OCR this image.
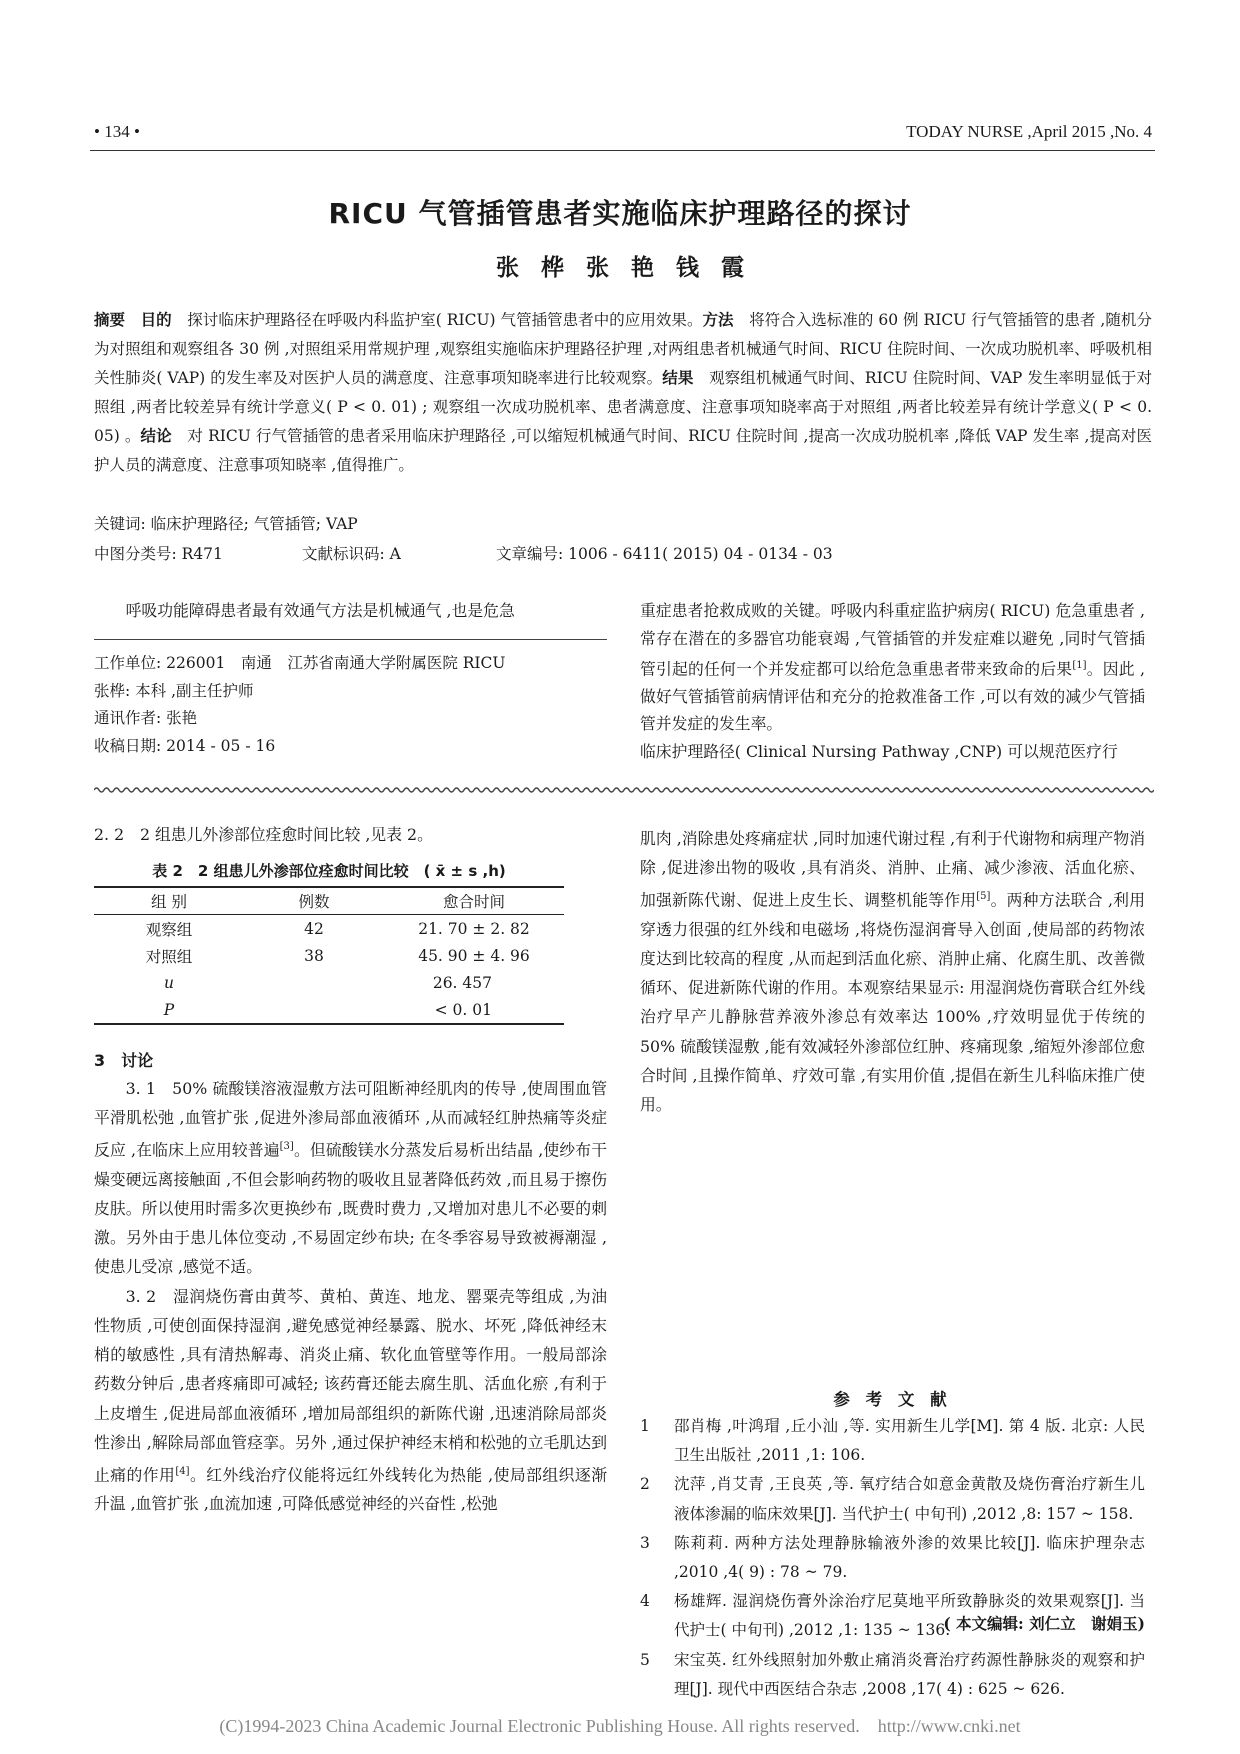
• 134 •	TODAY NURSE ,April 2015 ,No. 4
RICU 气管插管患者实施临床护理路径的探讨
张 桦 张 艳 钱 霞
摘要　 目的　 探讨临床护理路径在呼吸内科监护室( RICU) 气管插管患者中的应用效果。方法　 将符合入选标准的 60 例 RICU 行气管插管的患者 ,随机分为对照组和观察组各 30 例 ,对照组采用常规护理 ,观察组实施临床护理路径护理 ,对两组患者机械通气时间、RICU 住院时间、一次成功脱机率、呼吸机相关性肺炎( VAP) 的发生率及对医护人员的满意度、注意事项知晓率进行比较观察。结果　 观察组机械通气时间、RICU 住院时间、VAP 发生率明显低于对照组 ,两者比较差异有统计学意义( P < 0. 01) ; 观察组一次成功脱机率、患者满意度、注意事项知晓率高于对照组 ,两者比较差异有统计学意义( P < 0. 05) 。结论　 对 RICU 行气管插管的患者采用临床护理路径 ,可以缩短机械通气时间、RICU 住院时间 ,提高一次成功脱机率 ,降低 VAP 发生率 ,提高对医护人员的满意度、注意事项知晓率 ,值得推广。
关键词: 临床护理路径; 气管插管; VAP
中图分类号: R471	文献标识码: A	文章编号: 1006 - 6411( 2015) 04 - 0134 - 03
呼吸功能障碍患者最有效通气方法是机械通气 ,也是危急
工作单位: 226001　南通　江苏省南通大学附属医院 RICU
张桦: 本科 ,副主任护师
通讯作者: 张艳
收稿日期: 2014 - 05 - 16
重症患者抢救成败的关键。呼吸内科重症监护病房( RICU) 危急重患者 ,常存在潜在的多器官功能衰竭 ,气管插管的并发症难以避免 ,同时气管插管引起的任何一个并发症都可以给危急重患者带来致命的后果[1]。因此 ,做好气管插管前病情评估和充分的抢救准备工作 ,可以有效的减少气管插管并发症的发生率。
临床护理路径( Clinical Nursing Pathway ,CNP) 可以规范医疗行
2. 2　2 组患儿外渗部位痊愈时间比较 ,见表 2。
表 2　2 组患儿外渗部位痊愈时间比较　( x̄ ± s ,h)
组 别	例数	愈合时间
观察组	42	21. 70 ± 2. 82
对照组	38	45. 90 ± 4. 96
u		26. 457
P		< 0. 01
3　讨论

3. 1　50% 硫酸镁溶液湿敷方法可阻断神经肌肉的传导 ,使周围血管平滑肌松弛 ,血管扩张 ,促进外渗局部血液循环 ,从而减轻红肿热痛等炎症反应 ,在临床上应用较普遍[3]。但硫酸镁水分蒸发后易析出结晶 ,使纱布干燥变硬远离接触面 ,不但会影响药物的吸收且显著降低药效 ,而且易于擦伤皮肤。所以使用时需多次更换纱布 ,既费时费力 ,又增加对患儿不必要的刺激。另外由于患儿体位变动 ,不易固定纱布块; 在冬季容易导致被褥潮湿 ,使患儿受凉 ,感觉不适。

3. 2　湿润烧伤膏由黄芩、黄柏、黄连、地龙、罂粟壳等组成 ,为油性物质 ,可使创面保持湿润 ,避免感觉神经暴露、脱水、坏死 ,降低神经末梢的敏感性 ,具有清热解毒、消炎止痛、软化血管壁等作用。一般局部涂药数分钟后 ,患者疼痛即可减轻; 该药膏还能去腐生肌、活血化瘀 ,有利于上皮增生 ,促进局部血液循环 ,增加局部组织的新陈代谢 ,迅速消除局部炎性渗出 ,解除局部血管痉挛。另外 ,通过保护神经末梢和松弛的立毛肌达到止痛的作用[4]。红外线治疗仪能将远红外线转化为热能 ,使局部组织逐渐升温 ,血管扩张 ,血流加速 ,可降低感觉神经的兴奋性 ,松弛

肌肉 ,消除患处疼痛症状 ,同时加速代谢过程 ,有利于代谢物和病理产物消除 ,促进渗出物的吸收 ,具有消炎、消肿、止痛、减少渗液、活血化瘀、加强新陈代谢、促进上皮生长、调整机能等作用[5]。两种方法联合 ,利用穿透力很强的红外线和电磁场 ,将烧伤湿润膏导入创面 ,使局部的药物浓度达到比较高的程度 ,从而起到活血化瘀、消肿止痛、化腐生肌、改善微循环、促进新陈代谢的作用。本观察结果显示: 用湿润烧伤膏联合红外线治疗早产儿静脉营养液外渗总有效率达 100% ,疗效明显优于传统的 50% 硫酸镁湿敷 ,能有效减轻外渗部位红肿、疼痛现象 ,缩短外渗部位愈合时间 ,且操作简单、疗效可靠 ,有实用价值 ,提倡在新生儿科临床推广使用。

参 考 文 献
1 邵肖梅 ,叶鸿瑁 ,丘小汕 ,等. 实用新生儿学[M]. 第 4 版. 北京: 人民卫生出版社 ,2011 ,1: 106.
2 沈萍 ,肖艾青 ,王良英 ,等. 氧疗结合如意金黄散及烧伤膏治疗新生儿液体渗漏的临床效果[J]. 当代护士( 中旬刊) ,2012 ,8: 157 ~ 158.
3 陈莉莉. 两种方法处理静脉输液外渗的效果比较[J]. 临床护理杂志 ,2010 ,4( 9) : 78 ~ 79.
4 杨雄辉. 湿润烧伤膏外涂治疗尼莫地平所致静脉炎的效果观察[J]. 当代护士( 中旬刊) ,2012 ,1: 135 ~ 136.
5 宋宝英. 红外线照射加外敷止痛消炎膏治疗药源性静脉炎的观察和护理[J]. 现代中西医结合杂志 ,2008 ,17( 4) : 625 ~ 626.
( 本文编辑: 刘仁立　谢娟玉)
(C)1994-2023 China Academic Journal Electronic Publishing House. All rights reserved.　http://www.cnki.net
